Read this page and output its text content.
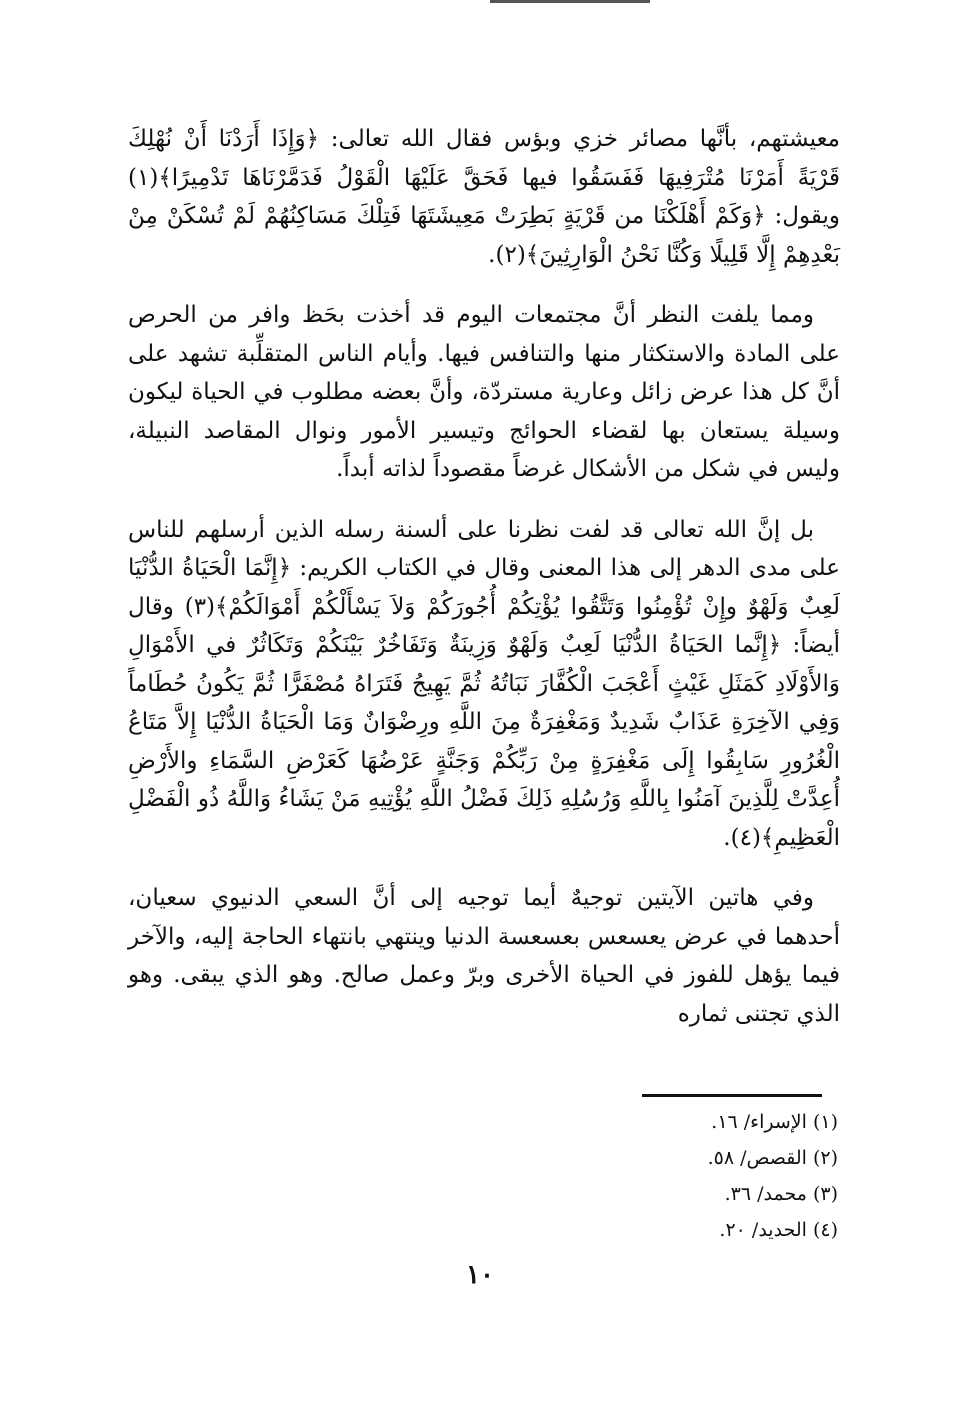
معيشتهم، بأنَّها مصائر خزي وبؤس فقال الله تعالى: ﴿وَإِذَا أَرَدْنَا أَنْ نُهْلِكَ قَرْيَةً أَمَرْنَا مُتْرَفِيهَا فَفَسَقُوا فيها فَحَقَّ عَلَيْهَا الْقَوْلُ فَدَمَّرْنَاهَا تَدْمِيرًا﴾(١) ويقول: ﴿وَكَمْ أَهْلَكْنَا من قَرْيَةٍ بَطِرَتْ مَعِيشَتَهَا فَتِلْكَ مَسَاكِنُهُمْ لَمْ تُسْكَنْ مِنْ بَعْدِهِمْ إِلَّا قَلِيلًا وَكُنَّا نَحْنُ الْوَارِثِينَ﴾(٢).

ومما يلفت النظر أنَّ مجتمعات اليوم قد أخذت بحَظ وافر من الحرص على المادة والاستكثار منها والتنافس فيها. وأيام الناس المتقلِّبة تشهد على أنَّ كل هذا عرض زائل وعارية مستردّة، وأنَّ بعضه مطلوب في الحياة ليكون وسيلة يستعان بها لقضاء الحوائج وتيسير الأمور ونوال المقاصد النبيلة، وليس في شكل من الأشكال غرضاً مقصوداً لذاته أبداً.

بل إنَّ الله تعالى قد لفت نظرنا على ألسنة رسله الذين أرسلهم للناس على مدى الدهر إلى هذا المعنى وقال في الكتاب الكريم: ﴿إِنَّمَا الْحَيَاةُ الدُّنْيَا لَعِبٌ وَلَهْوٌ وإِنْ تُؤْمِنُوا وَتَتَّقُوا يُؤْتِكُمْ أُجُورَكُمْ وَلاَ يَسْأَلْكُمْ أَمْوَالَكُمْ﴾(٣) وقال أيضاً: ﴿إِنَّما الحَيَاةُ الدُّنْيَا لَعِبٌ وَلَهْوٌ وَزِينَةٌ وَتَفَاخُرٌ بَيْنَكُمْ وَتَكَاثُرٌ في الأَمْوَالِ وَالأَوْلَادِ كَمَثَلِ غَيْثٍ أَعْجَبَ الْكُفَّارَ نَبَاتُهُ ثُمَّ يَهِيجُ فَتَرَاهُ مُصْفَرًّا ثُمَّ يَكُونُ حُطَاماً وَفِي الآخِرَةِ عَذَابٌ شَدِيدٌ وَمَغْفِرَةٌ مِنَ اللَّهِ ورِضْوَانٌ وَمَا الْحَيَاةُ الدُّنْيَا إِلاَّ مَتَاعُ الْغُرُورِ سَابِقُوا إِلَى مَغْفِرَةٍ مِنْ رَبِّكُمْ وَجَنَّةٍ عَرْضُهَا كَعَرْضِ السَّمَاءِ والأَرْضِ أُعِدَّتْ لِلَّذِينَ آمَنُوا بِاللَّهِ وَرُسُلِهِ ذَلِكَ فَضْلُ اللَّهِ يُؤْتِيهِ مَنْ يَشَاءُ وَاللَّهُ ذُو الْفَضْلِ الْعَظِيمِ﴾(٤).

وفي هاتين الآيتين توجيهٌ أيما توجيه إلى أنَّ السعي الدنيوي سعيان، أحدهما في عرض يعسعس بعسعسة الدنيا وينتهي بانتهاء الحاجة إليه، والآخر فيما يؤهل للفوز في الحياة الأخرى وبرّ وعمل صالح. وهو الذي يبقى. وهو الذي تجتنى ثماره

(١) الإسراء/ ١٦.
(٢) القصص/ ٥٨.
(٣) محمد/ ٣٦.
(٤) الحديد/ ٢٠.
١٠
